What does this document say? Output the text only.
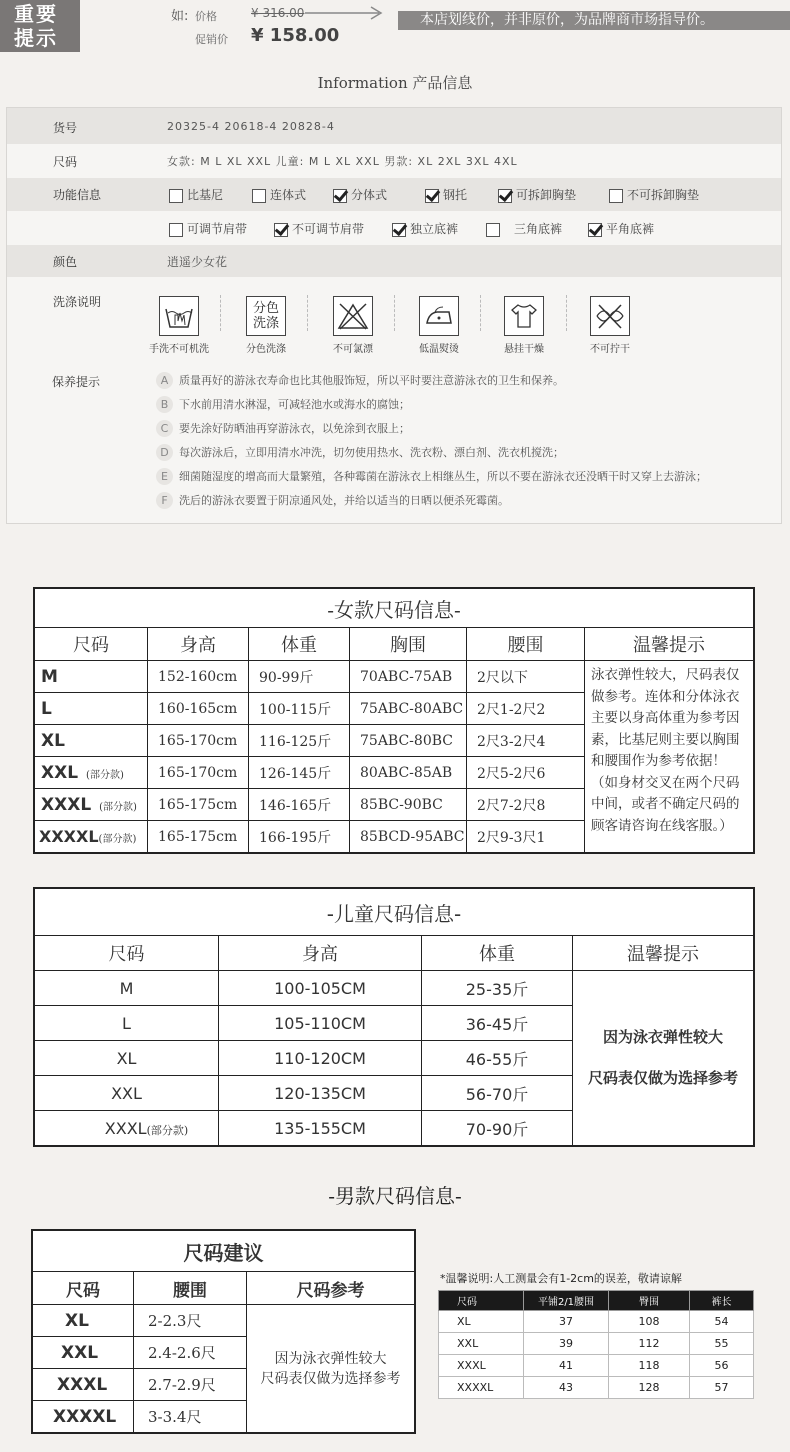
重要
提示
如: 价格	¥ 316.00
促销价 ¥ 158.00
本店划线价，并非原价，为品牌商市场指导价。
Information 产品信息
货号	20325-4 20618-4 20828-4
尺码	女款: M L XL XXL 儿童: M L XL XXL 男款: XL 2XL 3XL 4XL
功能信息	比基尼	连体式	分体式	钢托	可拆卸胸垫	不可拆卸胸垫
可调节肩带	不可调节肩带	独立底裤	三角底裤	平角底裤
颜色	逍遥少女花
洗涤说明
手洗不可机洗
分色
洗涤
分色洗涤	不可氯漂	低温熨烫	悬挂干燥	不可拧干
保养提示	A 质量再好的游泳衣寿命也比其他服饰短，所以平时要注意游泳衣的卫生和保养。
B 下水前用清水淋湿，可减轻池水或海水的腐蚀；
C 要先涂好防晒油再穿游泳衣，以免涂到衣服上；
D 每次游泳后，立即用清水冲洗，切勿使用热水、洗衣粉、漂白剂、洗衣机搅洗；
E 细菌随湿度的增高而大量繁殖，各种霉菌在游泳衣上相继丛生，所以不要在游泳衣还没晒干时又穿上去游泳；
F 洗后的游泳衣要置于阴凉通风处，并给以适当的日晒以便杀死霉菌。
-女款尺码信息-					
尺码	身高	体重	胸围	腰围	温馨提示
M	152-160cm	90-99斤	70ABC-75AB	2尺以下	泳衣弹性较大，尺码表仅做参考。连体和分体泳衣主要以身高体重为参考因素，比基尼则主要以胸围和腰围作为参考依据！（如身材交叉在两个尺码中间，或者不确定尺码的顾客请咨询在线客服。）
L	160-165cm	100-115斤	75ABC-80ABC	2尺1-2尺2	
XL	165-170cm	116-125斤	75ABC-80BC	2尺3-2尺4	
XXL (部分款)	165-170cm	126-145斤	80ABC-85AB	2尺5-2尺6	
XXXL (部分款)	165-175cm	146-165斤	85BC-90BC	2尺7-2尺8	
XXXXL(部分款)	165-175cm	166-195斤	85BCD-95ABC	2尺9-3尺1	
-儿童尺码信息-			
尺码	身高	体重	温馨提示
M	100-105CM	25-35斤	因为泳衣弹性较大
尺码表仅做为选择参考
L	105-110CM	36-45斤	
XL	110-120CM	46-55斤	
XXL	120-135CM	56-70斤	
XXXL(部分款)	135-155CM	70-90斤	
-男款尺码信息-
尺码建议		
尺码	腰围	尺码参考
XL	2-2.3尺	因为泳衣弹性较大
尺码表仅做为选择参考
XXL	2.4-2.6尺	
XXXL	2.7-2.9尺	
XXXXL	3-3.4尺	
*温馨说明:人工测量会有1-2cm的误差，敬请谅解
尺码	平铺2/1腰围	臀围	裤长
XL	37	108	54
XXL	39	112	55
XXXL	41	118	56
XXXXL	43	128	57
